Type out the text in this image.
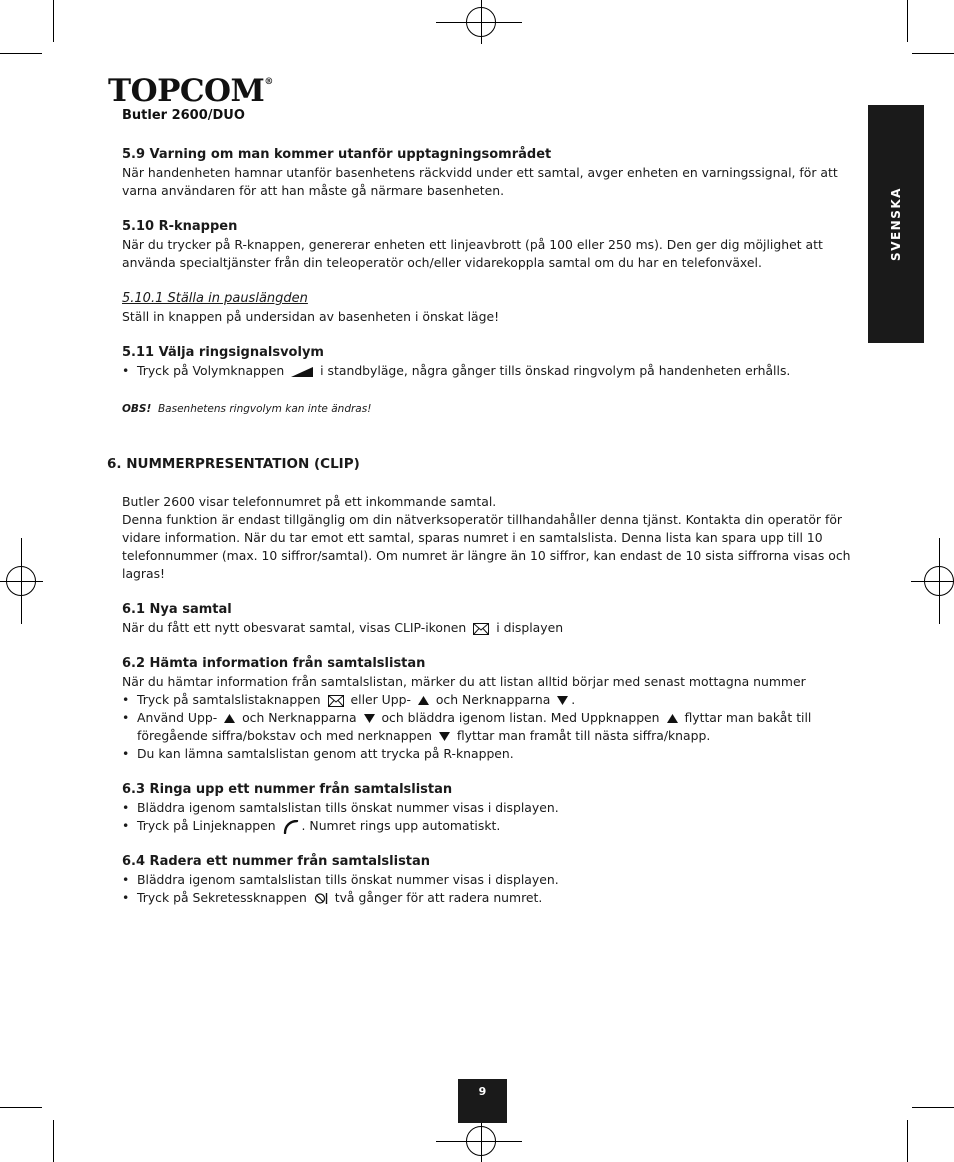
TOPCOM®
Butler 2600/DUO
SVENSKA

5.9 Varning om man kommer utanför upptagningsområdet

När handenheten hamnar utanför basenhetens räckvidd under ett samtal, avger enheten en varningssignal, för att varna användaren för att han måste gå närmare basenheten.

5.10 R-knappen

När du trycker på R-knappen, genererar enheten ett linjeavbrott (på 100 eller 250 ms). Den ger dig möjlighet att använda specialtjänster från din teleoperatör och/eller vidarekoppla samtal om du har en telefonväxel.

5.10.1 Ställa in pauslängden

Ställ in knappen på undersidan av basenheten i önskat läge!

5.11 Välja ringsignalsvolym

• Tryck på Volymknappen	i standbyläge, några gånger tills önskad ringvolym på handenheten erhålls.

OBS! Basenhetens ringvolym kan inte ändras!

6. NUMMERPRESENTATION (CLIP)

Butler 2600 visar telefonnumret på ett inkommande samtal.

Denna funktion är endast tillgänglig om din nätverksoperatör tillhandahåller denna tjänst. Kontakta din operatör för vidare information. När du tar emot ett samtal, sparas numret i en samtalslista. Denna lista kan spara upp till 10 telefonnummer (max. 10 siffror/samtal). Om numret är längre än 10 siffror, kan endast de 10 sista siffrorna visas och lagras!

6.1 Nya samtal

När du fått ett nytt obesvarat samtal, visas CLIP-ikonen i displayen

6.2 Hämta information från samtalslistan

När du hämtar information från samtalslistan, märker du att listan alltid börjar med senast mottagna nummer

• Tryck på samtalslistaknappen eller Upp- och Nerknapparna .
• Använd Upp- och Nerknapparna och bläddra igenom listan. Med Uppknappen flyttar man bakåt till föregående siffra/bokstav och med nerknappen flyttar man framåt till nästa siffra/knapp.
• Du kan lämna samtalslistan genom att trycka på R-knappen.

6.3 Ringa upp ett nummer från samtalslistan

• Bläddra igenom samtalslistan tills önskat nummer visas i displayen.
• Tryck på Linjeknappen . Numret rings upp automatiskt.

6.4 Radera ett nummer från samtalslistan

• Bläddra igenom samtalslistan tills önskat nummer visas i displayen.
• Tryck på Sekretessknappen två gånger för att radera numret.
9
